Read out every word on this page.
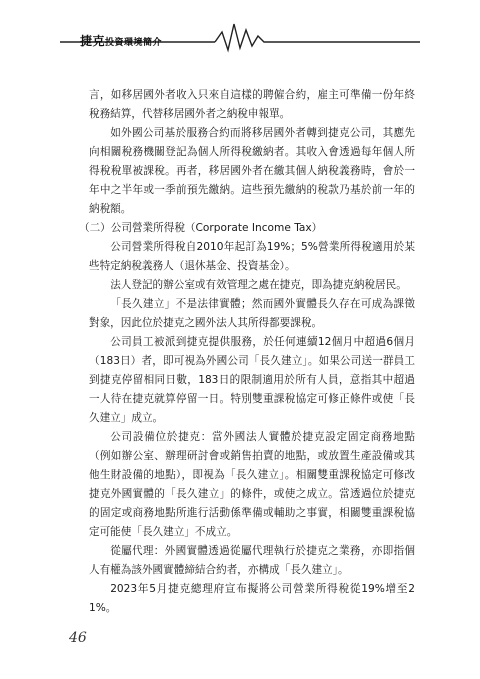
捷克投資環境簡介

言，如移居國外者收入只來自這樣的聘僱合約，雇主可準備一份年終稅務結算，代替移居國外者之納稅申報單。

如外國公司基於服務合約而將移居國外者轉到捷克公司，其應先向相關稅務機關登記為個人所得稅繳納者。其收入會透過每年個人所得稅稅單被課稅。再者，移居國外者在繳其個人納稅義務時，會於一年中之半年或一季前預先繳納。這些預先繳納的稅款乃基於前一年的納稅額。

（二）公司營業所得稅（Corporate Income Tax）

公司營業所得稅自2010年起訂為19%；5%營業所得稅適用於某些特定納稅義務人（退休基金、投資基金）。

法人登記的辦公室或有效管理之處在捷克，即為捷克納稅居民。

「長久建立」不是法律實體；然而國外實體長久存在可成為課徵對象，因此位於捷克之國外法人其所得都要課稅。

公司員工被派到捷克提供服務，於任何連續12個月中超過6個月（183日）者，即可視為外國公司「長久建立」。如果公司送一群員工到捷克停留相同日數，183日的限制適用於所有人員，意指其中超過一人待在捷克就算停留一日。特別雙重課稅協定可修正條件或使「長久建立」成立。

公司設備位於捷克：當外國法人實體於捷克設定固定商務地點（例如辦公室、辦理研討會或銷售拍賣的地點，或放置生產設備或其他生財設備的地點），即視為「長久建立」。相關雙重課稅協定可修改捷克外國實體的「長久建立」的條件，或使之成立。當透過位於捷克的固定或商務地點所進行活動係準備或輔助之事實，相關雙重課稅協定可能使「長久建立」不成立。

從屬代理：外國實體透過從屬代理執行於捷克之業務，亦即指個人有權為該外國實體締結合約者，亦構成「長久建立」。

2023年5月捷克總理府宣布擬將公司營業所得稅從19%增至21%。

46
